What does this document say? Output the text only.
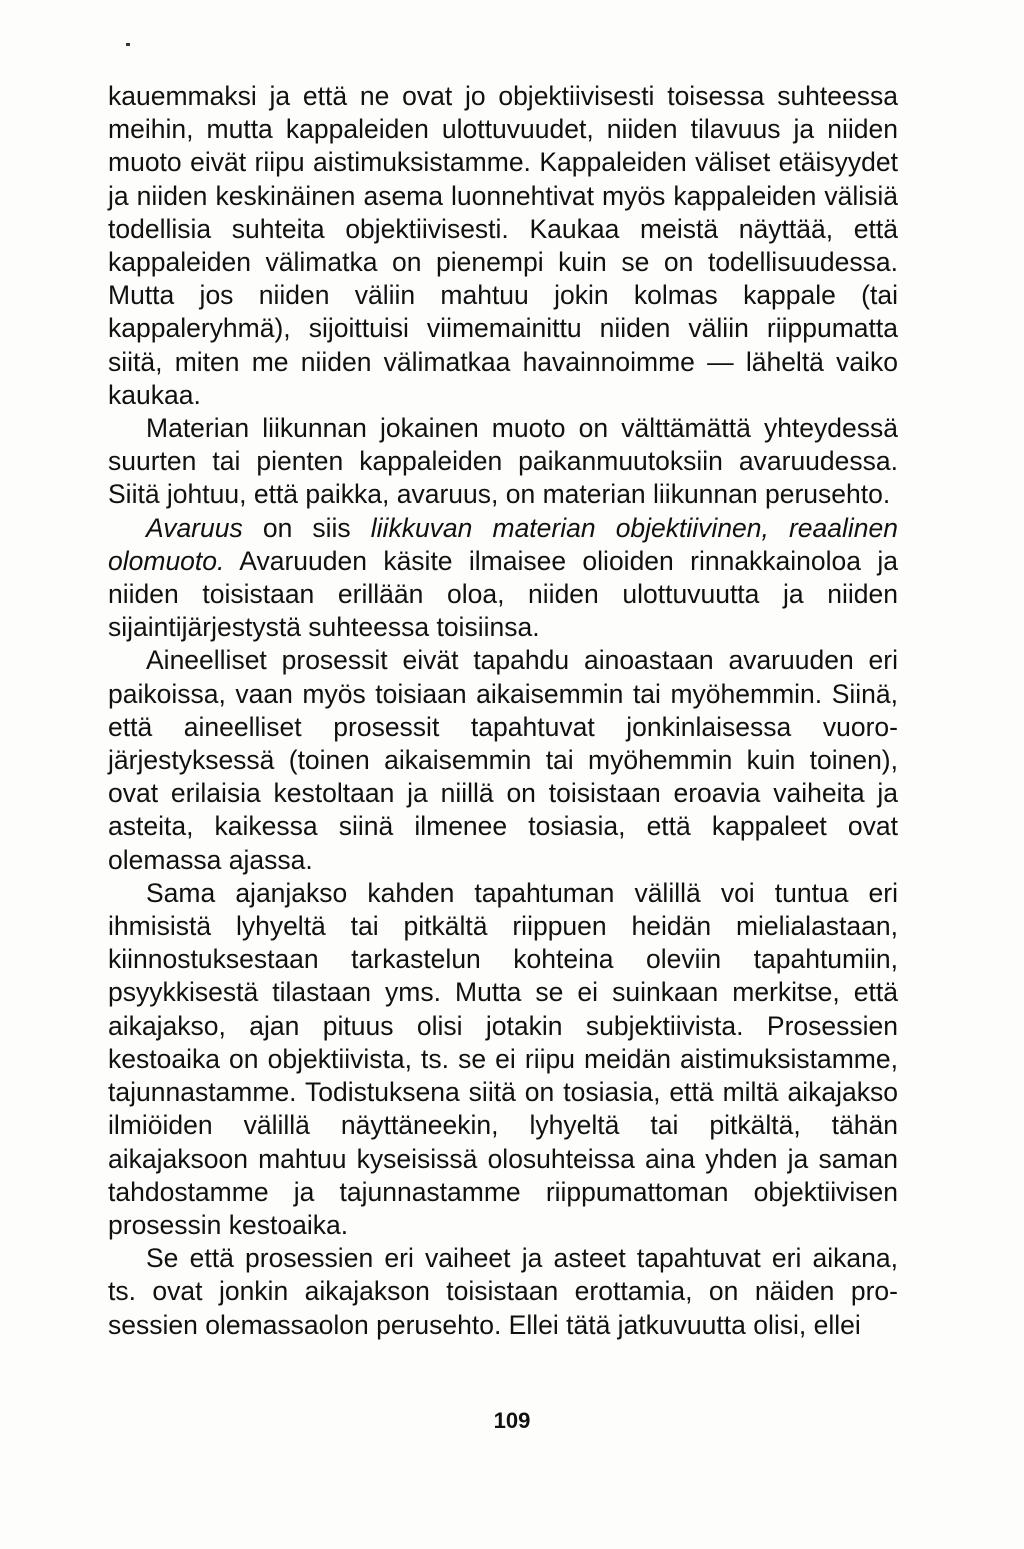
kauemmaksi ja että ne ovat jo objektiivisesti toisessa suhteessa meihin, mutta kappaleiden ulottuvuudet, niiden tilavuus ja niiden muoto eivät riipu aistimuksistamme. Kappaleiden väliset etäisyydet ja niiden keskinäinen asema luonnehtivat myös kappaleiden välisiä todellisia suhteita objektiivisesti. Kaukaa meistä näyttää, että kappaleiden välimatka on pienempi kuin se on todellisuudessa. Mutta jos niiden väliin mahtuu jokin kolmas kappale (tai kappaleryhmä), sijoittuisi viimemainittu niiden väliin riippumatta siitä, miten me niiden välimatkaa havainnoimme — läheltä vaiko kaukaa.

Materian liikunnan jokainen muoto on välttämättä yhteydessä suurten tai pienten kappaleiden paikanmuutoksiin avaruudessa. Siitä johtuu, että paikka, avaruus, on materian liikunnan perusehto.

Avaruus on siis liikkuvan materian objektiivinen, reaalinen olomuoto. Avaruuden käsite ilmaisee olioiden rinnakkainoloa ja niiden toisistaan erillään oloa, niiden ulottuvuutta ja niiden sijaintijärjestystä suhteessa toisiinsa.

Aineelliset prosessit eivät tapahdu ainoastaan avaruuden eri paikoissa, vaan myös toisiaan aikaisemmin tai myöhemmin. Siinä, että aineelliset prosessit tapahtuvat jonkinlaisessa vuorojärjestyksessä (toinen aikaisemmin tai myöhemmin kuin toinen), ovat erilaisia kestoltaan ja niillä on toisistaan eroavia vaiheita ja asteita, kaikessa siinä ilmenee tosiasia, että kappaleet ovat olemassa ajassa.

Sama ajanjakso kahden tapahtuman välillä voi tuntua eri ihmisistä lyhyeltä tai pitkältä riippuen heidän mielialastaan, kiinnostuksestaan tarkastelun kohteina oleviin tapahtumiin, psyykkisestä tilastaan yms. Mutta se ei suinkaan merkitse, että aikajakso, ajan pituus olisi jotakin subjektiivista. Prosessien kestoaika on objektiivista, ts. se ei riipu meidän aistimuksistamme, tajunnastamme. Todistuksena siitä on tosiasia, että miltä aikajakso ilmiöiden välillä näyttäneekin, lyhyeltä tai pitkältä, tähän aikajaksoon mahtuu kyseisissä olosuhteissa aina yhden ja saman tahdostamme ja tajunnastamme riippumattoman objektiivisen prosessin kestoaika.

Se että prosessien eri vaiheet ja asteet tapahtuvat eri aikana, ts. ovat jonkin aikajakson toisistaan erottamia, on näiden prosessien olemassaolon perusehto. Ellei tätä jatkuvuutta olisi, ellei

109
